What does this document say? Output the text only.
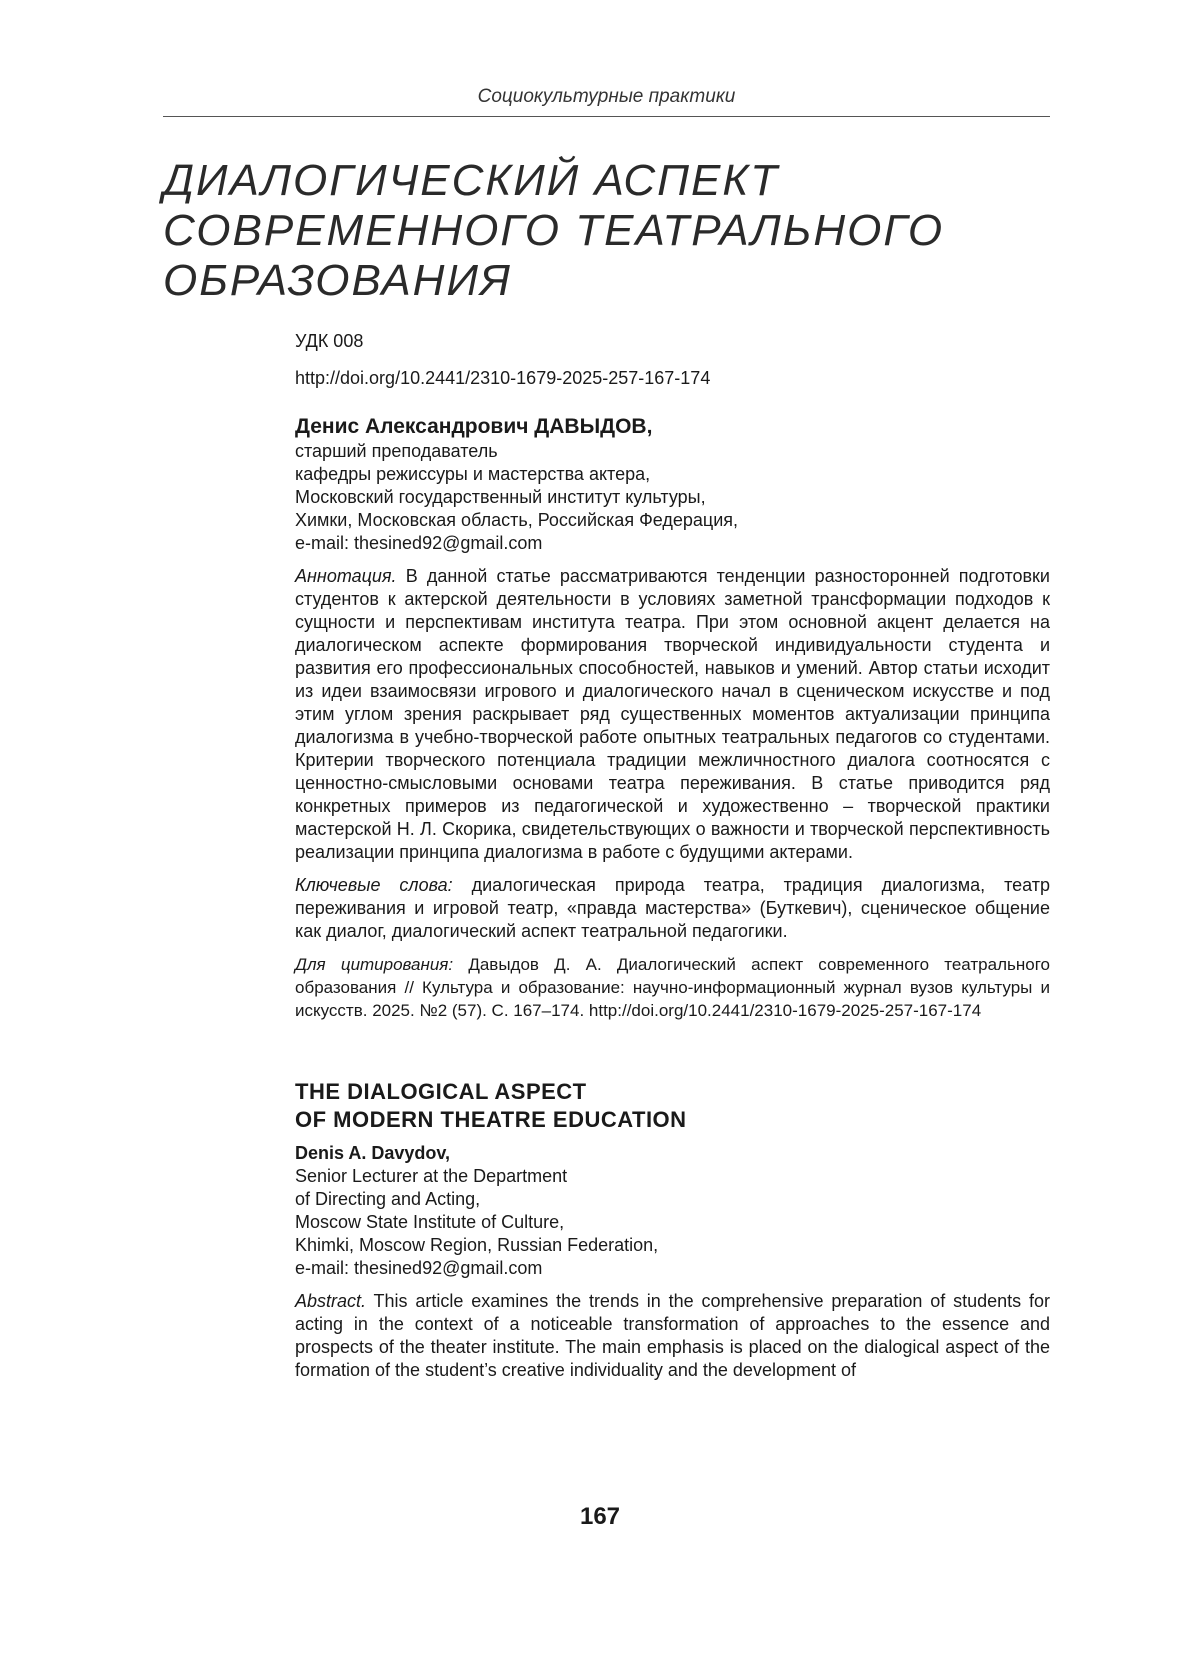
Социокультурные практики
ДИАЛОГИЧЕСКИЙ АСПЕКТ
СОВРЕМЕННОГО ТЕАТРАЛЬНОГО
ОБРАЗОВАНИЯ

УДК 008

http://doi.org/10.2441/2310-1679-2025-257-167-174

Денис Александрович ДАВЫДОВ,
старший преподаватель
кафедры режиссуры и мастерства актера,
Московский государственный институт культуры,
Химки, Московская область, Российская Федерация,
e-mail: thesined92@gmail.com

Аннотация. В данной статье рассматриваются тенденции разносторонней подготовки студентов к актерской деятельности в условиях заметной трансформации подходов к сущности и перспективам института театра. При этом основной акцент делается на диалогическом аспекте формирования творческой индивидуальности студента и развития его профессиональных способностей, навыков и умений. Автор статьи исходит из идеи взаимосвязи игрового и диалогического начал в сценическом искусстве и под этим углом зрения раскрывает ряд существенных моментов актуализации принципа диалогизма в учебно-творческой работе опытных театральных педагогов со студентами. Критерии творческого потенциала традиции межличностного диалога соотносятся с ценностно-смысловыми основами театра переживания. В статье приводится ряд конкретных примеров из педагогической и художественно – творческой практики мастерской Н. Л. Скорика, свидетельствующих о важности и творческой перспективность реализации принципа диалогизма в работе с будущими актерами.

Ключевые слова: диалогическая природа театра, традиция диалогизма, театр переживания и игровой театр, «правда мастерства» (Буткевич), сценическое общение как диалог, диалогический аспект театральной педагогики.

Для цитирования: Давыдов Д. А. Диалогический аспект современного театрального образования // Культура и образование: научно-информационный журнал вузов культуры и искусств. 2025. №2 (57). С. 167–174. http://doi.org/10.2441/2310-1679-2025-257-167-174

THE DIALOGICAL ASPECT
OF MODERN THEATRE EDUCATION
Denis A. Davydov,
Senior Lecturer at the Department
of Directing and Acting,
Moscow State Institute of Culture,
Khimki, Moscow Region, Russian Federation,
e-mail: thesined92@gmail.com

Abstract. This article examines the trends in the comprehensive preparation of students for acting in the context of a noticeable transformation of approaches to the essence and prospects of the theater institute. The main emphasis is placed on the dialogical aspect of the formation of the student’s creative individuality and the development of

167
